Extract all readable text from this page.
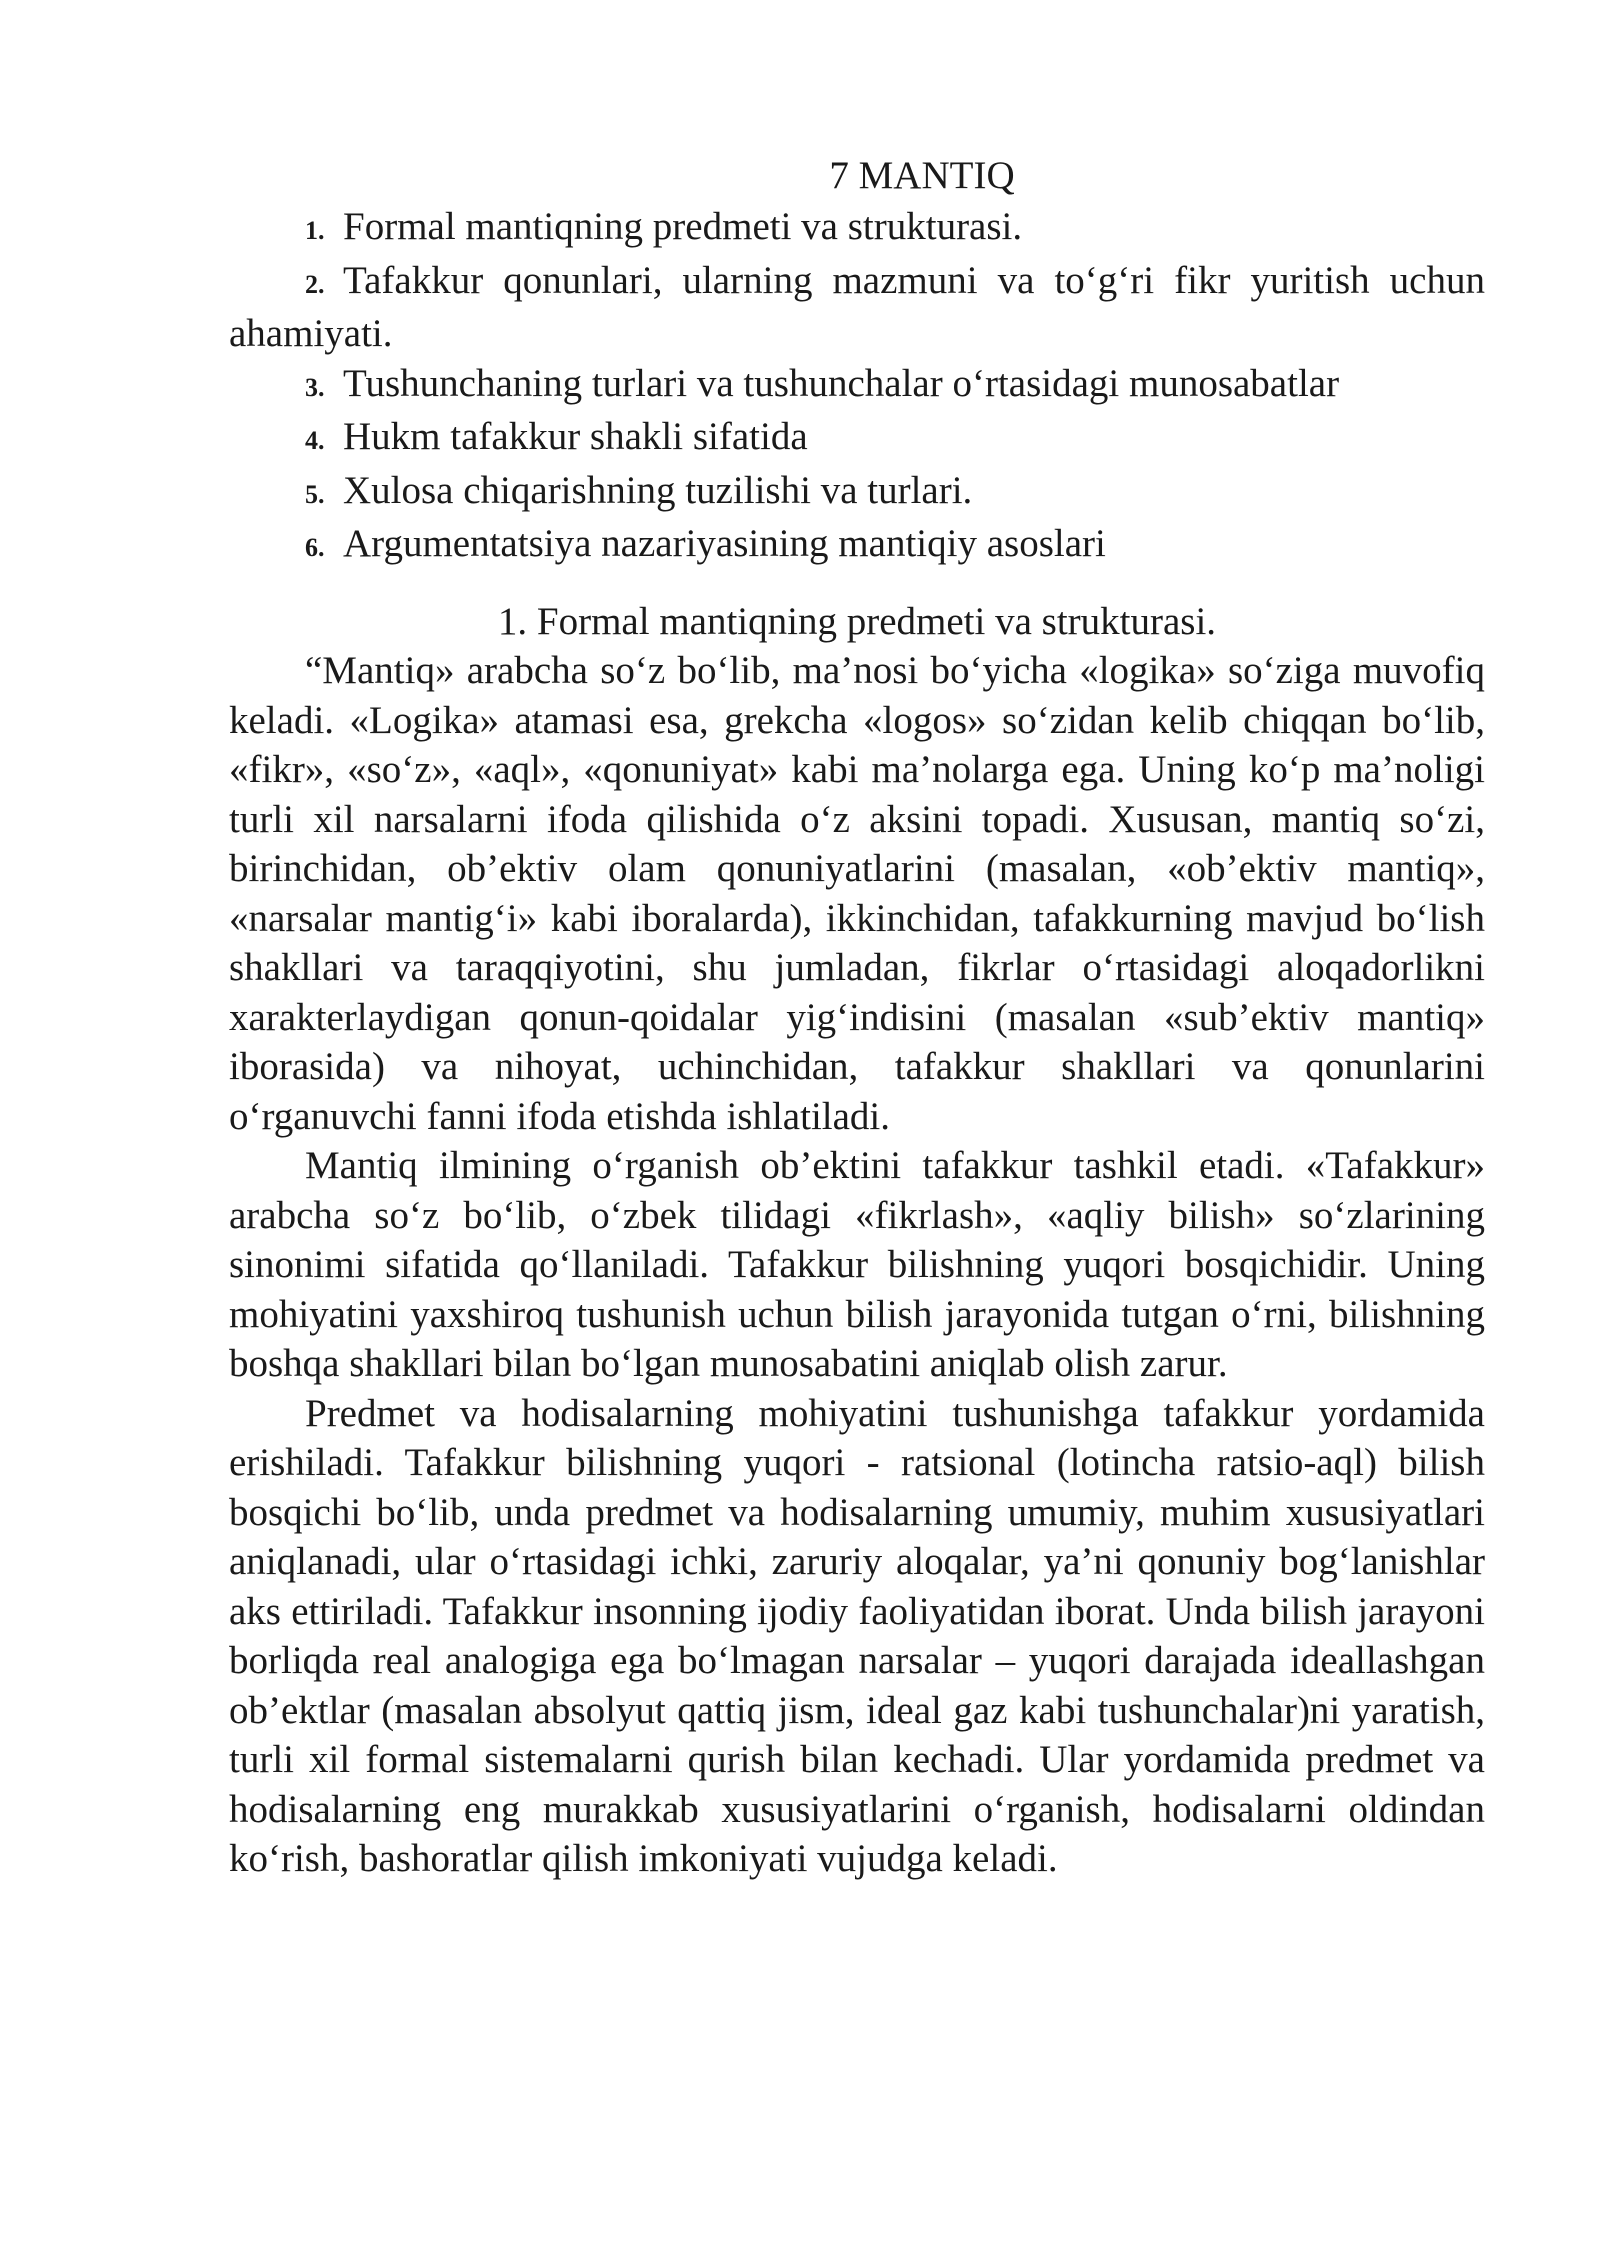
7 MANTIQ
1. Formal mantiqning predmeti va strukturasi.
2. Tafakkur qonunlari, ularning mazmuni va to‘g‘ri fikr yuritish uchun ahamiyati.
3. Tushunchaning turlari va tushunchalar o‘rtasidagi munosabatlar
4. Hukm tafakkur shakli sifatida
5. Xulosa chiqarishning tuzilishi va turlari.
6. Argumentatsiya nazariyasining mantiqiy asoslari
1. Formal mantiqning predmeti va strukturasi.

“Mantiq» arabcha so‘z bo‘lib, ma’nosi bo‘yicha «logika» so‘ziga muvofiq keladi. «Logika» atamasi esa, grekcha «logos» so‘zidan kelib chiqqan bo‘lib, «fikr», «so‘z», «aql», «qonuniyat» kabi ma’nolarga ega. Uning ko‘p ma’noligi turli xil narsalarni ifoda qilishida o‘z aksini topadi. Xususan, mantiq so‘zi, birinchidan, ob’ektiv olam qonuniyatlarini (masalan, «ob’ektiv mantiq», «narsalar mantig‘i» kabi iboralarda), ikkinchidan, tafakkurning mavjud bo‘lish shakllari va taraqqiyotini, shu jumladan, fikrlar o‘rtasidagi aloqadorlikni xarakterlaydigan qonun-qoidalar yig‘indisini (masalan «sub’ektiv mantiq» iborasida) va nihoyat, uchinchidan, tafakkur shakllari va qonunlarini o‘rganuvchi fanni ifoda etishda ishlatiladi.

Mantiq ilmining o‘rganish ob’ektini tafakkur tashkil etadi. «Tafakkur» arabcha so‘z bo‘lib, o‘zbek tilidagi «fikrlash», «aqliy bilish» so‘zlarining sinonimi sifatida qo‘llaniladi. Tafakkur bilishning yuqori bosqichidir. Uning mohiyatini yaxshiroq tushunish uchun bilish jarayonida tutgan o‘rni, bilishning boshqa shakllari bilan bo‘lgan munosabatini aniqlab olish zarur.

Predmet va hodisalarning mohiyatini tushunishga tafakkur yordamida erishiladi. Tafakkur bilishning yuqori - ratsional (lotincha ratsio-aql) bilish bosqichi bo‘lib, unda predmet va hodisalarning umumiy, muhim xususiyatlari aniqlanadi, ular o‘rtasidagi ichki, zaruriy aloqalar, ya’ni qonuniy bog‘lanishlar aks ettiriladi. Tafakkur insonning ijodiy faoliyatidan iborat. Unda bilish jarayoni borliqda real analogiga ega bo‘lmagan narsalar – yuqori darajada ideallashgan ob’ektlar (masalan absolyut qattiq jism, ideal gaz kabi tushunchalar)ni yaratish, turli xil formal sistemalarni qurish bilan kechadi. Ular yordamida predmet va hodisalarning eng murakkab xususiyatlarini o‘rganish, hodisalarni oldindan ko‘rish, bashoratlar qilish imkoniyati vujudga keladi.
